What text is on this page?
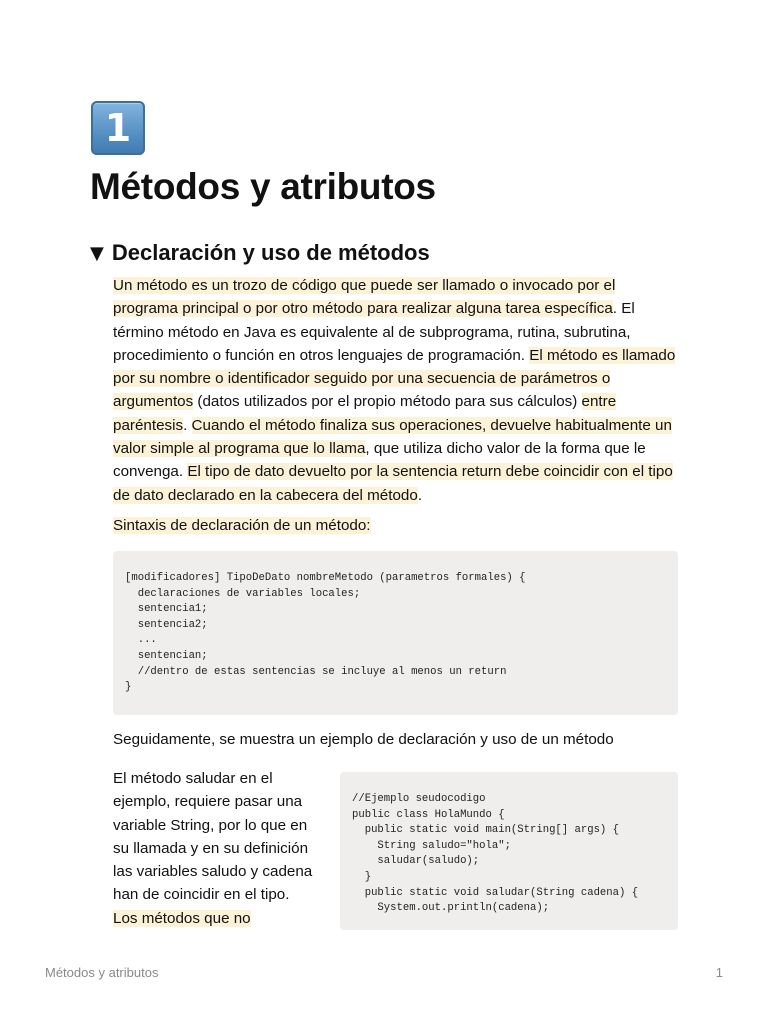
1
Métodos y atributos
▼ Declaración y uso de métodos

Un método es un trozo de código que puede ser llamado o invocado por el programa principal o por otro método para realizar alguna tarea específica. El término método en Java es equivalente al de subprograma, rutina, subrutina, procedimiento o función en otros lenguajes de programación. El método es llamado por su nombre o identificador seguido por una secuencia de parámetros o argumentos (datos utilizados por el propio método para sus cálculos) entre paréntesis. Cuando el método finaliza sus operaciones, devuelve habitualmente un valor simple al programa que lo llama, que utiliza dicho valor de la forma que le convenga. El tipo de dato devuelto por la sentencia return debe coincidir con el tipo de dato declarado en la cabecera del método.

Sintaxis de declaración de un método:

[modificadores] TipoDeDato nombreMetodo (parametros formales) {
declaraciones de variables locales;
sentencia1;
sentencia2;
...
sentencian;
//dentro de estas sentencias se incluye al menos un return
}

Seguidamente, se muestra un ejemplo de declaración y uso de un método

El método saludar en el ejemplo, requiere pasar una variable String, por lo que en su llamada y en su definición las variables saludo y cadena han de coincidir en el tipo. Los métodos que no

//Ejemplo seudocodigo
public class HolaMundo {
public static void main(String[] args) {
String saludo="hola";
saludar(saludo);
}
public static void saludar(String cadena) {
System.out.println(cadena);
Métodos y atributos	1
